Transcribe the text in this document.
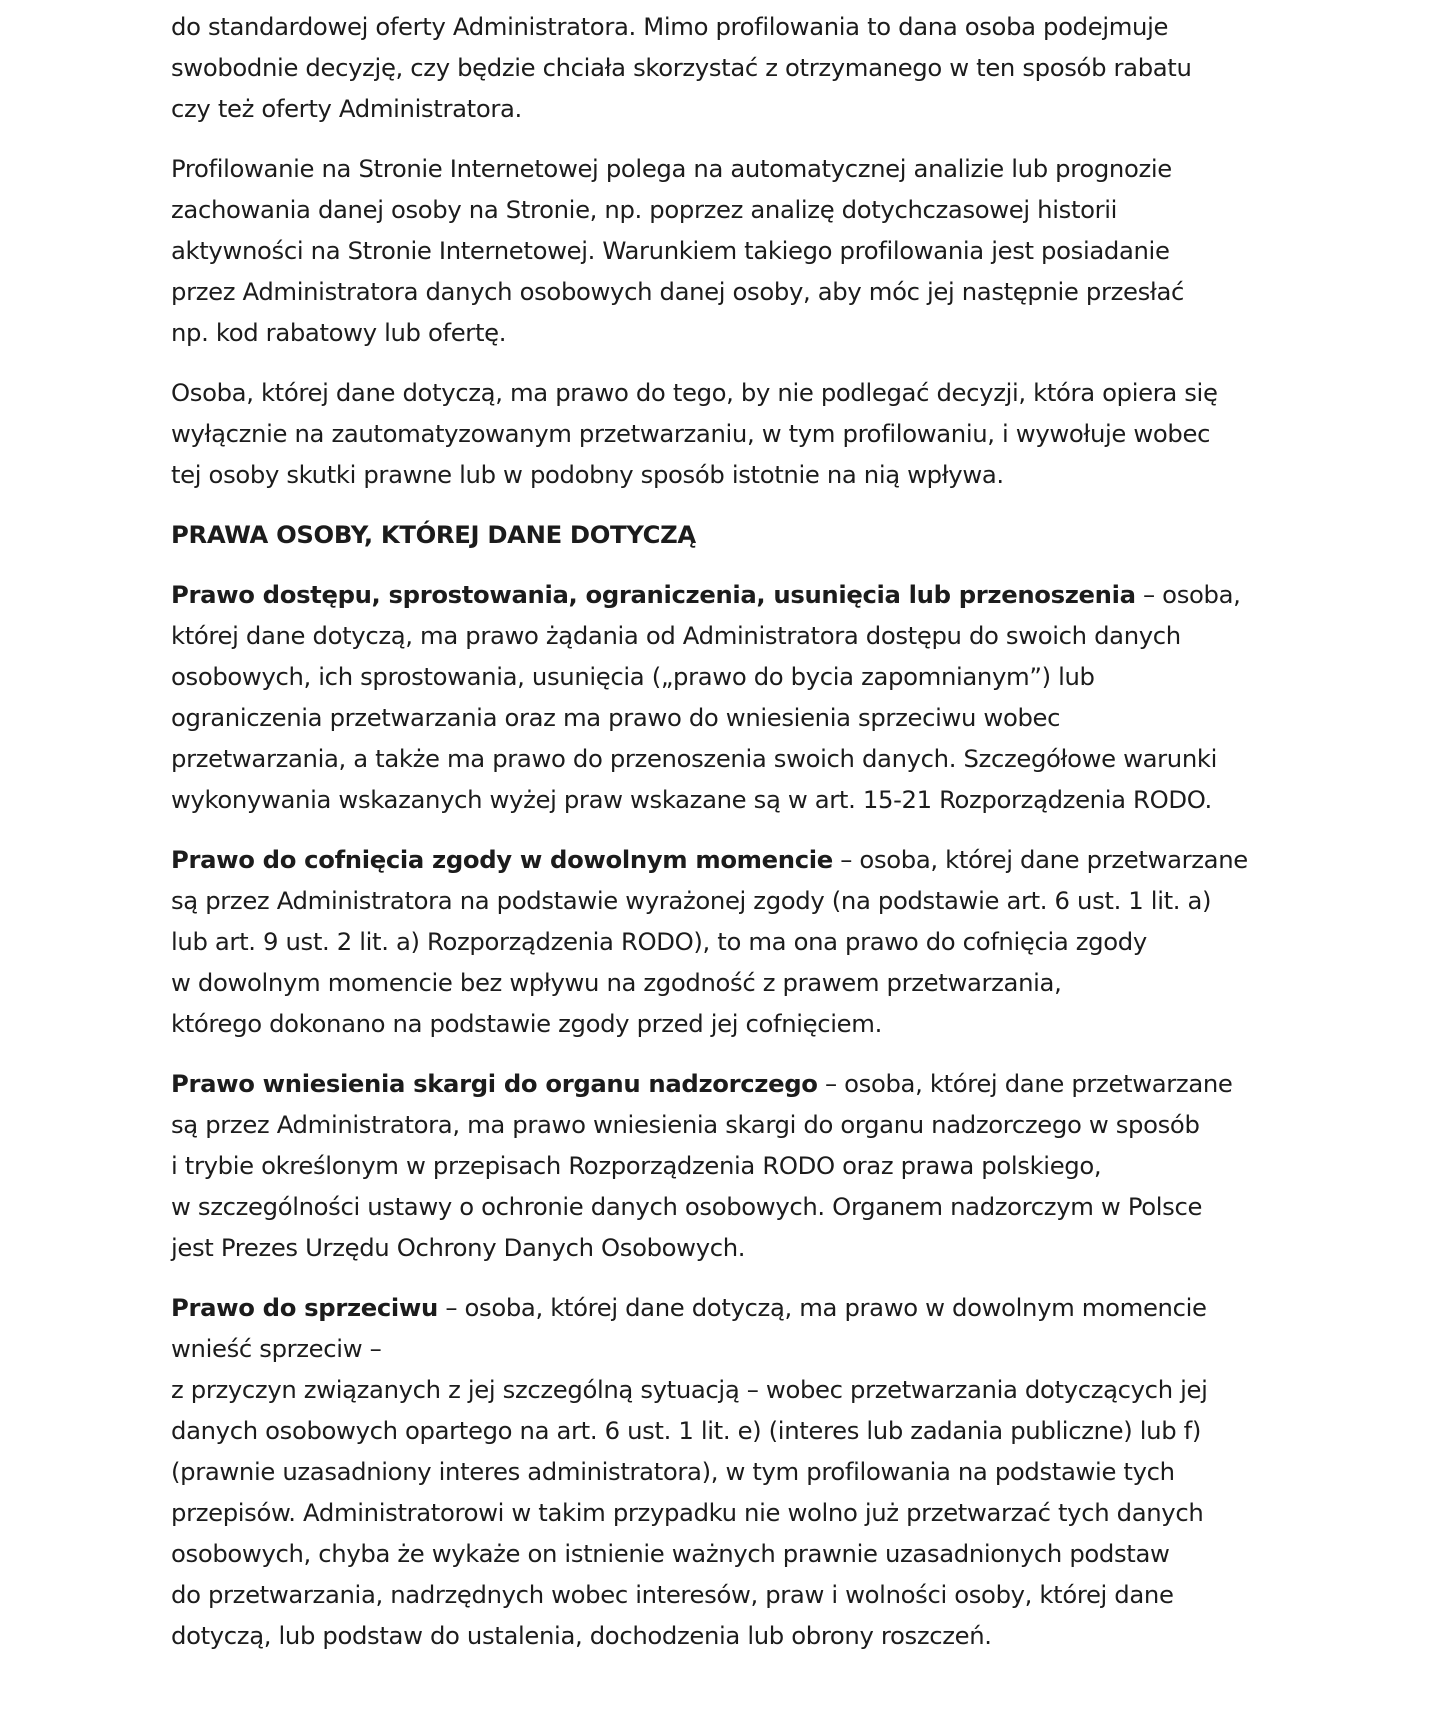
do standardowej oferty Administratora. Mimo profilowania to dana osoba podejmuje
swobodnie decyzję, czy będzie chciała skorzystać z otrzymanego w ten sposób rabatu
czy też oferty Administratora.

Profilowanie na Stronie Internetowej polega na automatycznej analizie lub prognozie
zachowania danej osoby na Stronie, np. poprzez analizę dotychczasowej historii
aktywności na Stronie Internetowej. Warunkiem takiego profilowania jest posiadanie
przez Administratora danych osobowych danej osoby, aby móc jej następnie przesłać
np. kod rabatowy lub ofertę.

Osoba, której dane dotyczą, ma prawo do tego, by nie podlegać decyzji, która opiera się
wyłącznie na zautomatyzowanym przetwarzaniu, w tym profilowaniu, i wywołuje wobec
tej osoby skutki prawne lub w podobny sposób istotnie na nią wpływa.

PRAWA OSOBY, KTÓREJ DANE DOTYCZĄ

Prawo dostępu, sprostowania, ograniczenia, usunięcia lub przenoszenia – osoba,
której dane dotyczą, ma prawo żądania od Administratora dostępu do swoich danych
osobowych, ich sprostowania, usunięcia („prawo do bycia zapomnianym”) lub
ograniczenia przetwarzania oraz ma prawo do wniesienia sprzeciwu wobec
przetwarzania, a także ma prawo do przenoszenia swoich danych. Szczegółowe warunki
wykonywania wskazanych wyżej praw wskazane są w art. 15-21 Rozporządzenia RODO.

Prawo do cofnięcia zgody w dowolnym momencie – osoba, której dane przetwarzane
są przez Administratora na podstawie wyrażonej zgody (na podstawie art. 6 ust. 1 lit. a)
lub art. 9 ust. 2 lit. a) Rozporządzenia RODO), to ma ona prawo do cofnięcia zgody
w dowolnym momencie bez wpływu na zgodność z prawem przetwarzania,
którego dokonano na podstawie zgody przed jej cofnięciem.

Prawo wniesienia skargi do organu nadzorczego – osoba, której dane przetwarzane
są przez Administratora, ma prawo wniesienia skargi do organu nadzorczego w sposób
i trybie określonym w przepisach Rozporządzenia RODO oraz prawa polskiego,
w szczególności ustawy o ochronie danych osobowych. Organem nadzorczym w Polsce
jest Prezes Urzędu Ochrony Danych Osobowych.

Prawo do sprzeciwu – osoba, której dane dotyczą, ma prawo w dowolnym momencie
wnieść sprzeciw –
z przyczyn związanych z jej szczególną sytuacją – wobec przetwarzania dotyczących jej
danych osobowych opartego na art. 6 ust. 1 lit. e) (interes lub zadania publiczne) lub f)
(prawnie uzasadniony interes administratora), w tym profilowania na podstawie tych
przepisów. Administratorowi w takim przypadku nie wolno już przetwarzać tych danych
osobowych, chyba że wykaże on istnienie ważnych prawnie uzasadnionych podstaw
do przetwarzania, nadrzędnych wobec interesów, praw i wolności osoby, której dane
dotyczą, lub podstaw do ustalenia, dochodzenia lub obrony roszczeń.
